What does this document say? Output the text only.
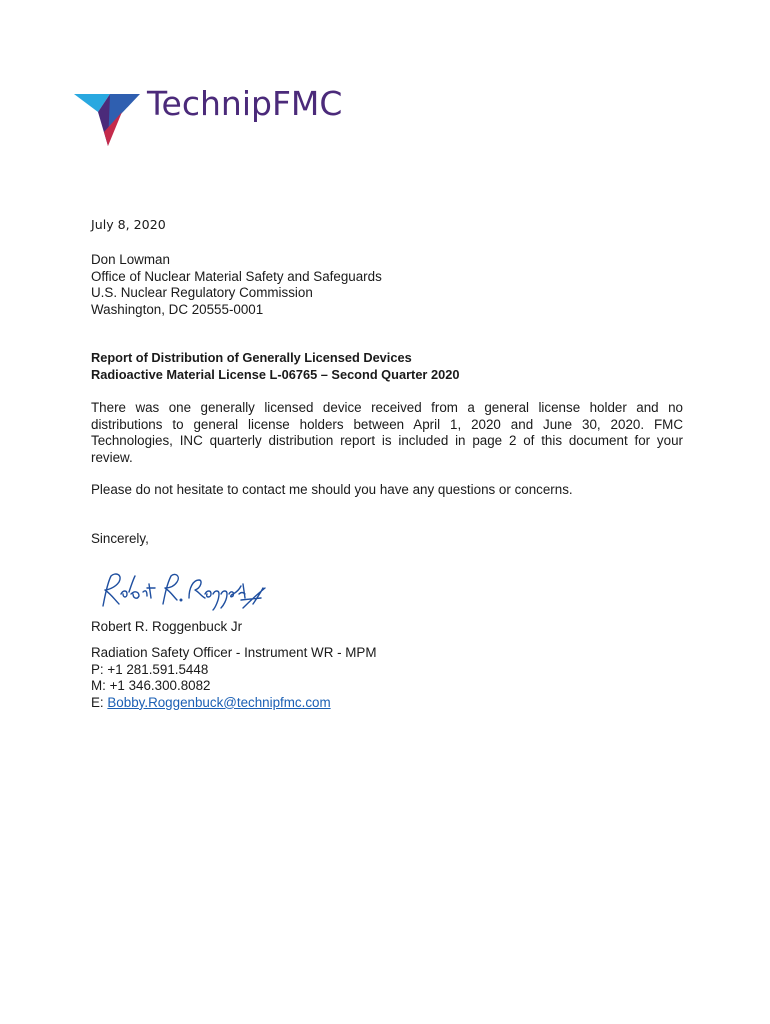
TechnipFMC
July 8, 2020
Don Lowman
Office of Nuclear Material Safety and Safeguards
U.S. Nuclear Regulatory Commission
Washington, DC 20555-0001
Report of Distribution of Generally Licensed Devices
Radioactive Material License L-06765 – Second Quarter 2020
There was one generally licensed device received from a general license holder and no distributions to general license holders between April 1, 2020 and June 30, 2020. FMC Technologies, INC quarterly distribution report is included in page 2 of this document for your review.
Please do not hesitate to contact me should you have any questions or concerns.
Sincerely,
Robert R. Roggenbuck Jr
Radiation Safety Officer - Instrument WR - MPM
P: +1 281.591.5448
M: +1 346.300.8082
E: Bobby.Roggenbuck@technipfmc.com
